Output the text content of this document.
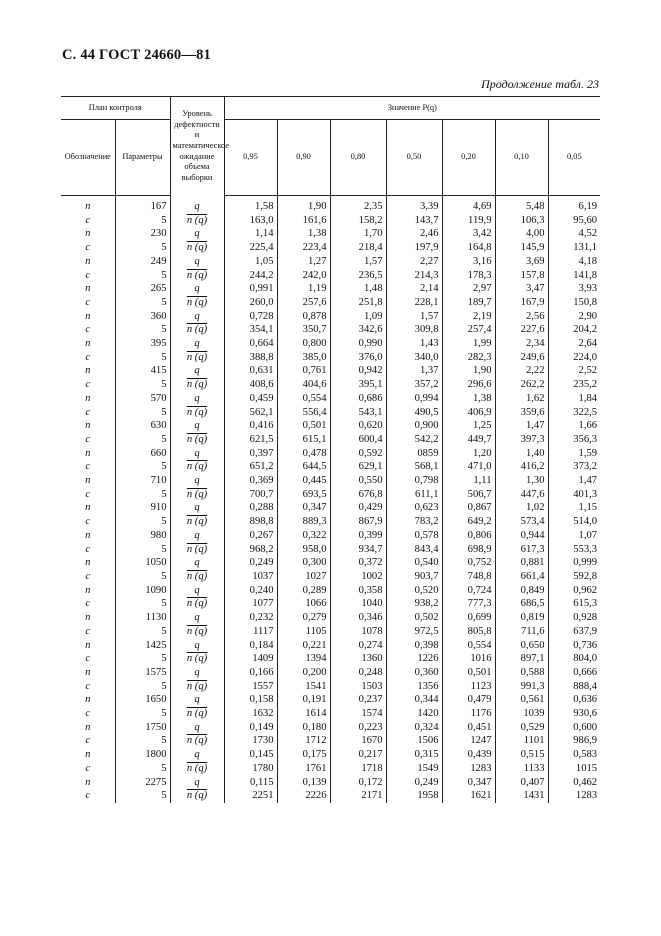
С. 44 ГОСТ 24660—81
Продолжение табл. 23
План контроля		Уровень дефектности и математическое ожидание объема выборки	Значение P(q)						
Обозначение	Параметры		0,95	0,90	0,80	0,50	0,20	0,10	0,05
n	167	q	1,58	1,90	2,35	3,39	4,69	5,48	6,19
c	5	n (q)	163,0	161,6	158,2	143,7	119,9	106,3	95,60
n	230	q	1,14	1,38	1,70	2,46	3,42	4,00	4,52
c	5	n (q)	225,4	223,4	218,4	197,9	164,8	145,9	131,1
n	249	q	1,05	1,27	1,57	2,27	3,16	3,69	4,18
c	5	n (q)	244,2	242,0	236,5	214,3	178,3	157,8	141,8
n	265	q	0,991	1,19	1,48	2,14	2,97	3,47	3,93
c	5	n (q)	260,0	257,6	251,8	228,1	189,7	167,9	150,8
n	360	q	0,728	0,878	1,09	1,57	2,19	2,56	2,90
c	5	n (q)	354,1	350,7	342,6	309,8	257,4	227,6	204,2
n	395	q	0,664	0,800	0,990	1,43	1,99	2,34	2,64
c	5	n (q)	388,8	385,0	376,0	340,0	282,3	249,6	224,0
n	415	q	0,631	0,761	0,942	1,37	1,90	2,22	2,52
c	5	n (q)	408,6	404,6	395,1	357,2	296,6	262,2	235,2
n	570	q	0,459	0,554	0,686	0,994	1,38	1,62	1,84
c	5	n (q)	562,1	556,4	543,1	490,5	406,9	359,6	322,5
n	630	q	0,416	0,501	0,620	0,900	1,25	1,47	1,66
c	5	n (q)	621,5	615,1	600,4	542,2	449,7	397,3	356,3
n	660	q	0,397	0,478	0,592	0859	1,20	1,40	1,59
c	5	n (q)	651,2	644,5	629,1	568,1	471,0	416,2	373,2
n	710	q	0,369	0,445	0,550	0,798	1,11	1,30	1,47
c	5	n (q)	700,7	693,5	676,8	611,1	506,7	447,6	401,3
n	910	q	0,288	0,347	0,429	0,623	0,867	1,02	1,15
c	5	n (q)	898,8	889,3	867,9	783,2	649,2	573,4	514,0
n	980	q	0,267	0,322	0,399	0,578	0,806	0,944	1,07
c	5	n (q)	968,2	958,0	934,7	843,4	698,9	617,3	553,3
n	1050	q	0,249	0,300	0,372	0,540	0,752	0,881	0,999
c	5	n (q)	1037	1027	1002	903,7	748,8	661,4	592,8
n	1090	q	0,240	0,289	0,358	0,520	0,724	0,849	0,962
c	5	n (q)	1077	1066	1040	938,2	777,3	686,5	615,3
n	1130	q	0,232	0,279	0,346	0,502	0,699	0,819	0,928
c	5	n (q)	1117	1105	1078	972,5	805,8	711,6	637,9
n	1425	q	0,184	0,221	0,274	0,398	0,554	0,650	0,736
c	5	n (q)	1409	1394	1360	1226	1016	897,1	804,0
n	1575	q	0,166	0,200	0,248	0,360	0,501	0,588	0,666
c	5	n (q)	1557	1541	1503	1356	1123	991,3	888,4
n	1650	q	0,158	0,191	0,237	0,344	0,479	0,561	0,636
c	5	n (q)	1632	1614	1574	1420	1176	1039	930,6
n	1750	q	0,149	0,180	0,223	0,324	0,451	0,529	0,600
c	5	n (q)	1730	1712	1670	1506	1247	1101	986,9
n	1800	q	0,145	0,175	0,217	0,315	0,439	0,515	0,583
c	5	n (q)	1780	1761	1718	1549	1283	1133	1015
n	2275	q	0,115	0,139	0,172	0,249	0,347	0,407	0,462
c	5	n (q)	2251	2226	2171	1958	1621	1431	1283
